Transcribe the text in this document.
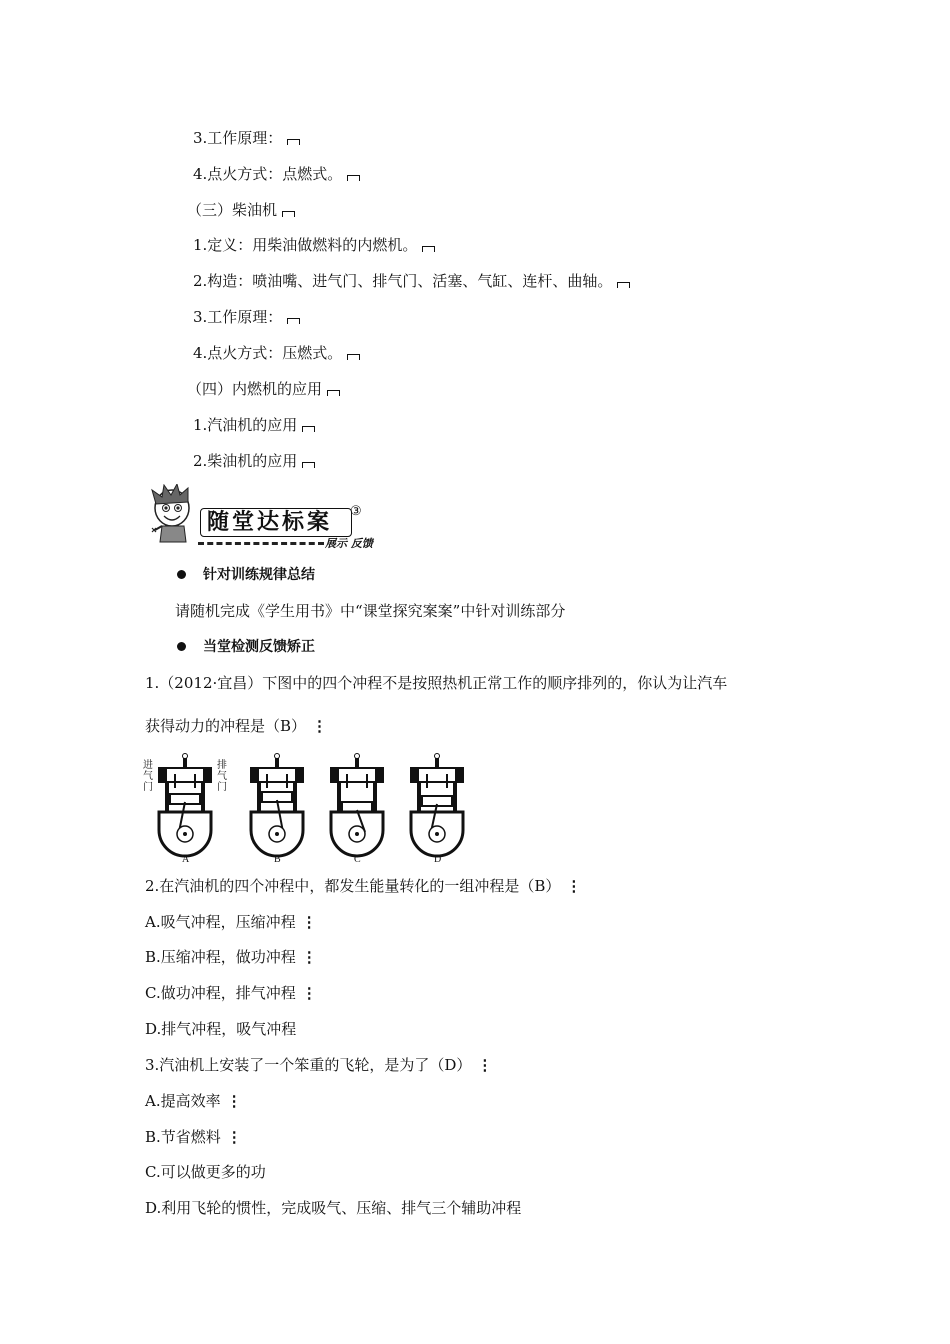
3.工作原理：
4.点火方式：点燃式。
（三）柴油机
1.定义：用柴油做燃料的内燃机。
2.构造：喷油嘴、进气门、排气门、活塞、气缸、连杆、曲轴。
3.工作原理：
4.点火方式：压燃式。
（四）内燃机的应用
1.汽油机的应用
2.柴油机的应用
随堂达标案 ③
展示 反馈
针对训练规律总结
请随机完成《学生用书》中“课堂探究案案”中针对训练部分
当堂检测反馈矫正
1.（2012·宜昌）下图中的四个冲程不是按照热机正常工作的顺序排列的，你认为让汽车
获得动力的冲程是（B） ⋮
进气门
排气门
A	B	C	D
2.在汽油机的四个冲程中，都发生能量转化的一组冲程是（B） ⋮
A.吸气冲程，压缩冲程 ⋮
B.压缩冲程，做功冲程 ⋮
C.做功冲程，排气冲程 ⋮
D.排气冲程，吸气冲程
3.汽油机上安装了一个笨重的飞轮，是为了（D） ⋮
A.提高效率 ⋮
B.节省燃料 ⋮
C.可以做更多的功
D.利用飞轮的惯性，完成吸气、压缩、排气三个辅助冲程
